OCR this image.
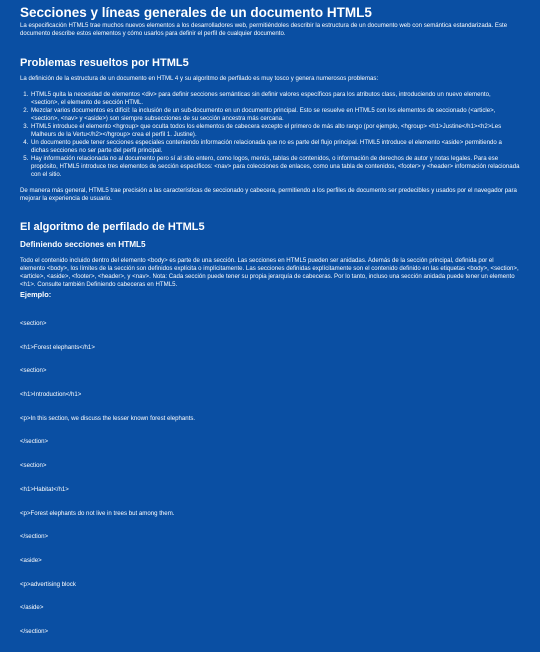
Secciones y líneas generales de un documento HTML5

La especificación HTML5 trae muchos nuevos elementos a los desarrolladores web, permitiéndoles describir la estructura de un documento web con semántica estandarizada. Este documento describe estos elementos y cómo usarlos para definir el perfil de cualquier documento.

Problemas resueltos por HTML5

La definición de la estructura de un documento en HTML 4 y su algoritmo de perfilado es muy tosco y genera numerosos problemas:

1. HTML5 quita la necesidad de elementos <div> para definir secciones semánticas sin definir valores específicos para los atributos class, introduciendo un nuevo elemento, <section>, el elemento de sección HTML.
2. Mezclar varios documentos es difícil: la inclusión de un sub-documento en un documento principal. Esto se resuelve en HTML5 con los elementos de seccionado (<article>, <section>, <nav> y <aside>) son siempre subsecciones de su sección ancestra más cercana.
3. HTML5 introduce el elemento <hgroup> que oculta todos los elementos de cabecera excepto el primero de más alto rango (por ejemplo, <hgroup> <h1>Justine</h1><h2>Les Malheurs de la Vertu</h2></hgroup> crea el perfil 1. Justine).
4. Un documento puede tener secciones especiales conteniendo información relacionada que no es parte del flujo principal. HTML5 introduce el elemento <aside> permitiendo a dichas secciones no ser parte del perfil principal.
5. Hay información relacionada no al documento pero sí al sitio entero, como logos, menús, tablas de contenidos, o información de derechos de autor y notas legales. Para ese propósito, HTML5 introduce tres elementos de sección específicos: <nav> para colecciones de enlaces, como una tabla de contenidos, <footer> y <header> información relacionada con el sitio.

De manera más general, HTML5 trae precisión a las características de seccionado y cabecera, permitiendo a los perfiles de documento ser predecibles y usados por el navegador para mejorar la experiencia de usuario.

El algoritmo de perfilado de HTML5
Definiendo secciones en HTML5

Todo el contenido incluido dentro del elemento <body> es parte de una sección. Las secciones en HTML5 pueden ser anidadas. Además de la sección principal, definida por el elemento <body>, los límites de la sección son definidos explícita o implícitamente. Las secciones definidas explícitamente son el contenido definido en las etiquetas <body>, <section>, <article>, <aside>, <footer>, <header>, y <nav>. Nota: Cada sección puede tener su propia jerarquía de cabeceras. Por lo tanto, incluso una sección anidada puede tener un elemento <h1>. Consulte también Definiendo cabeceras en HTML5.

Ejemplo:

<section>

<h1>Forest elephants</h1>

<section>

<h1>Introduction</h1>

<p>In this section, we discuss the lesser known forest elephants.

</section>

<section>

<h1>Habitat</h1>

<p>Forest elephants do not live in trees but among them.

</section>

<aside>

<p>advertising block

</aside>

</section>
